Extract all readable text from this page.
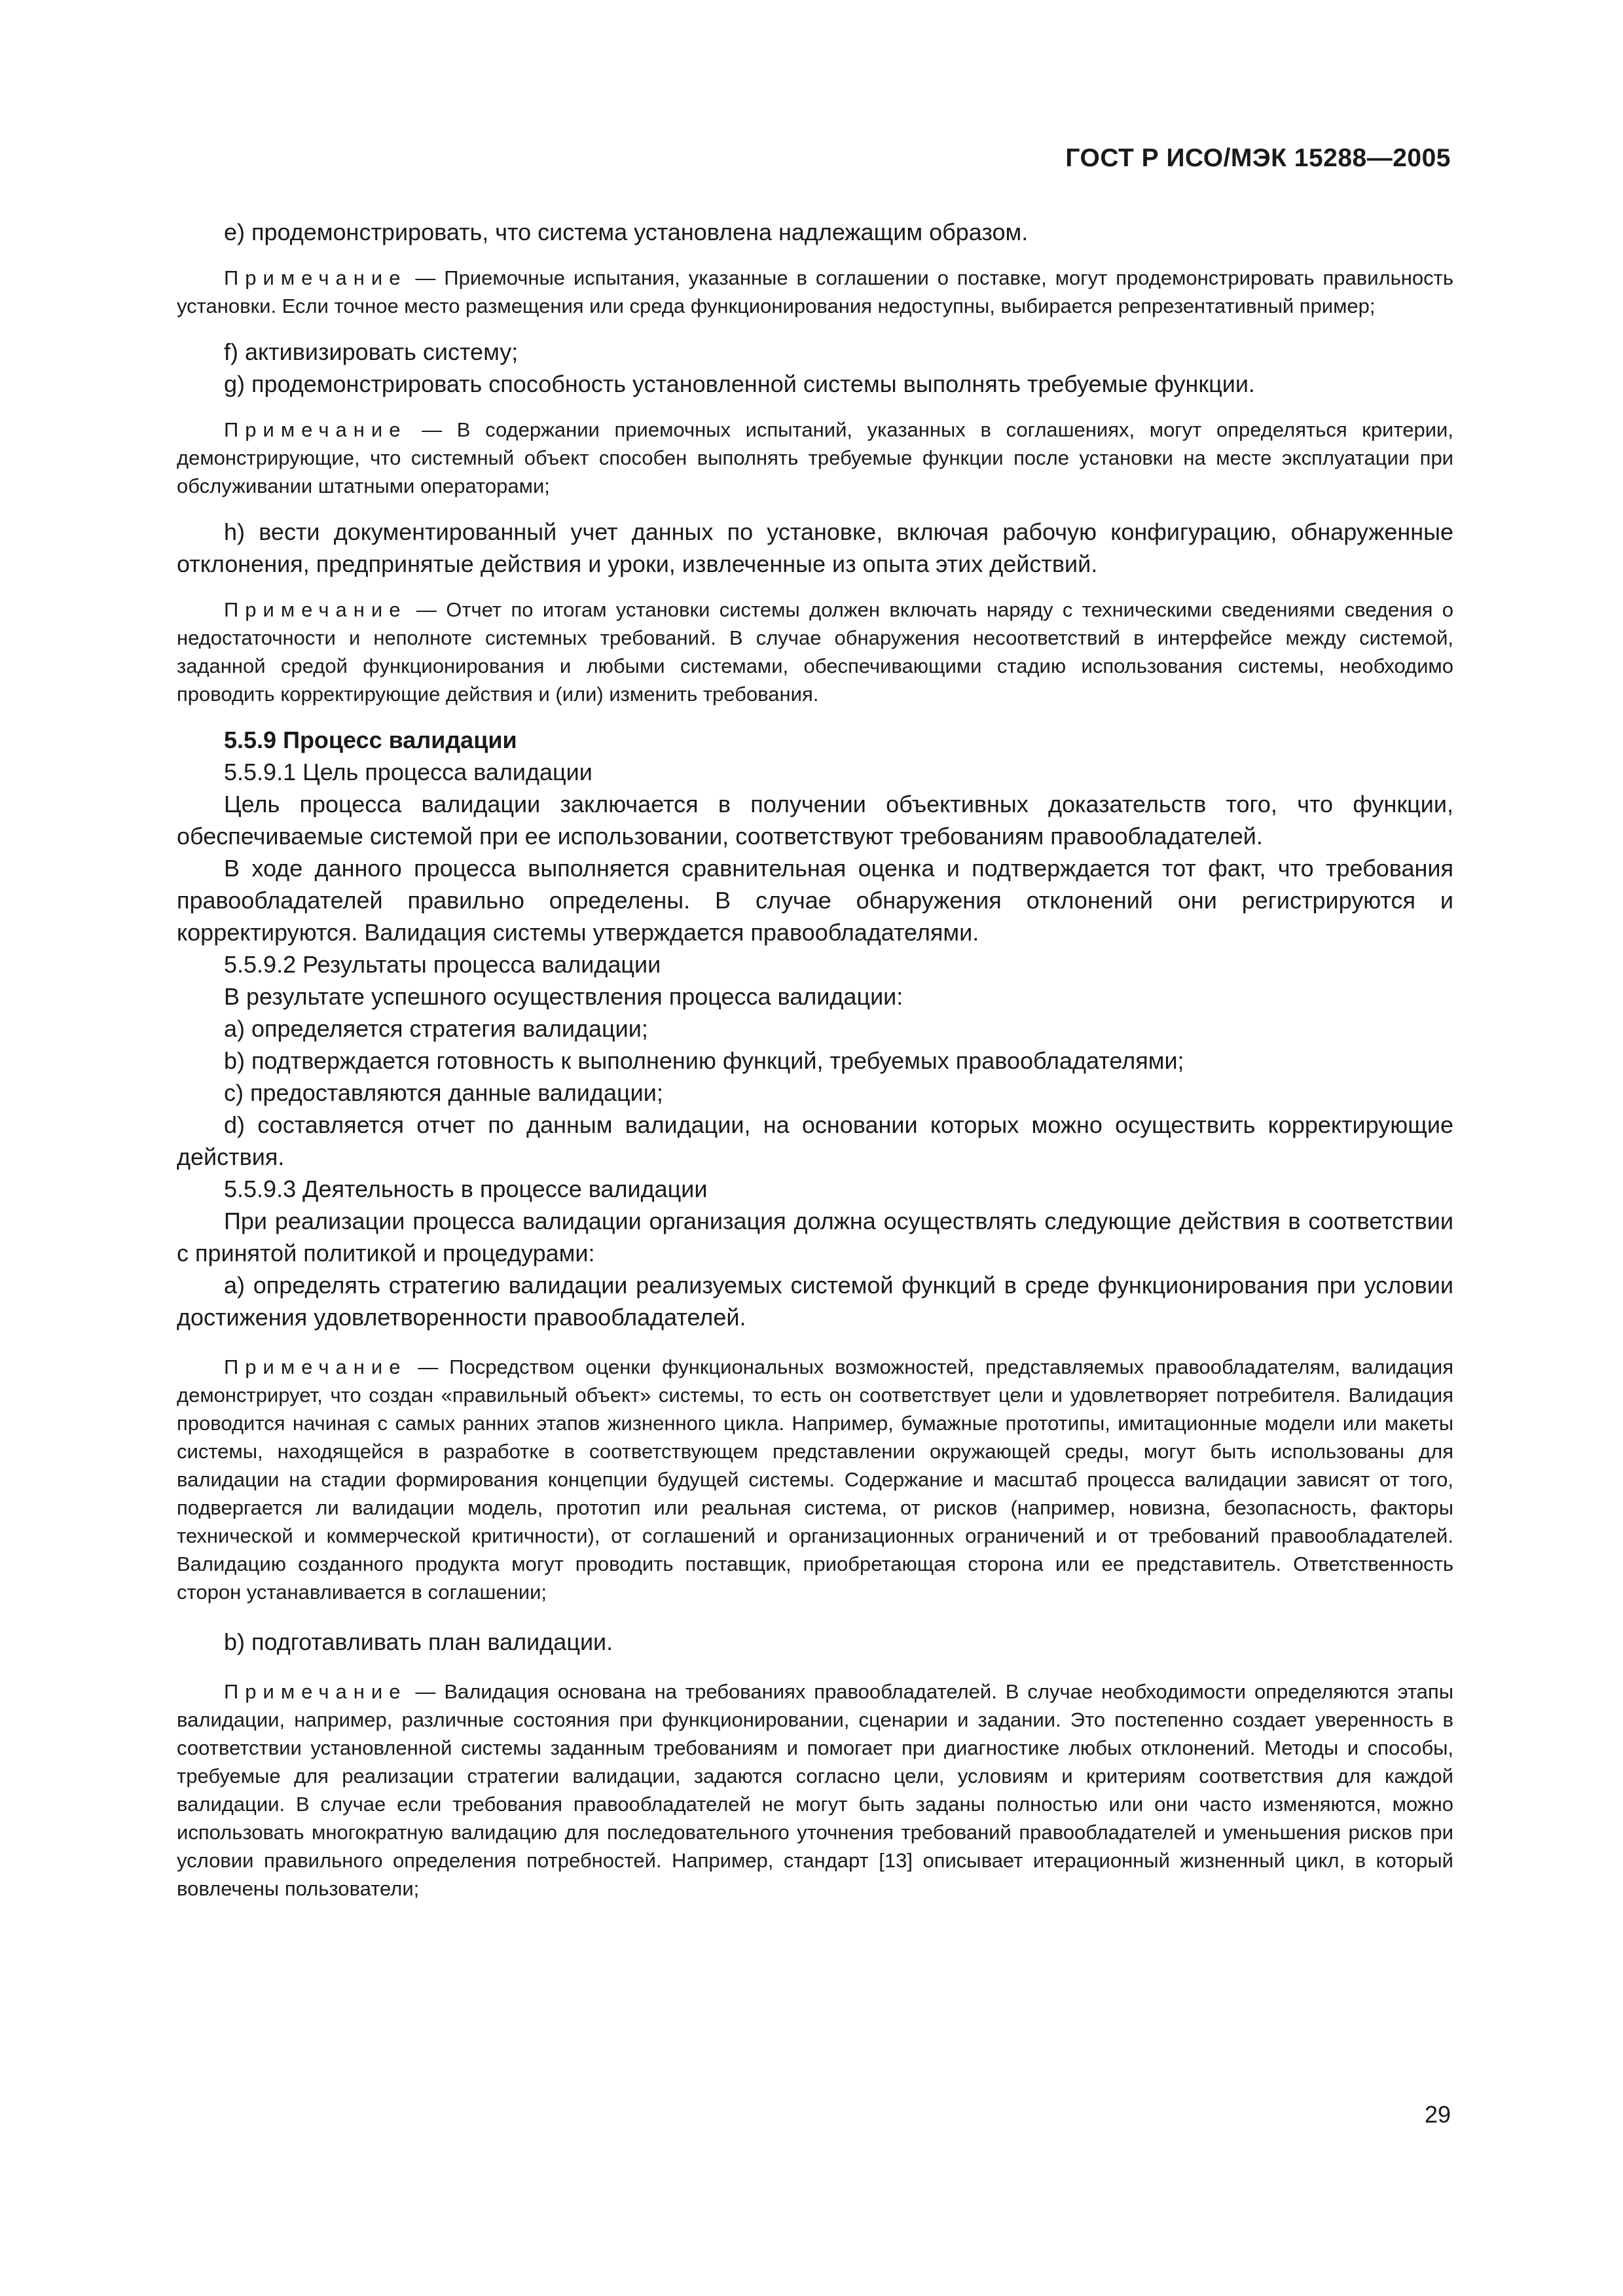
ГОСТ Р ИСО/МЭК 15288—2005

е) продемонстрировать, что система установлена надлежащим образом.

Примечание — Приемочные испытания, указанные в соглашении о поставке, могут продемонстрировать правильность установки. Если точное место размещения или среда функционирования недоступны, выбирается репрезентативный пример;

f) активизировать систему;

g) продемонстрировать способность установленной системы выполнять требуемые функции.

Примечание — В содержании приемочных испытаний, указанных в соглашениях, могут определяться критерии, демонстрирующие, что системный объект способен выполнять требуемые функции после установки на месте эксплуатации при обслуживании штатными операторами;

h) вести документированный учет данных по установке, включая рабочую конфигурацию, обнаруженные отклонения, предпринятые действия и уроки, извлеченные из опыта этих действий.

Примечание — Отчет по итогам установки системы должен включать наряду с техническими сведениями сведения о недостаточности и неполноте системных требований. В случае обнаружения несоответствий в интерфейсе между системой, заданной средой функционирования и любыми системами, обеспечивающими стадию использования системы, необходимо проводить корректирующие действия и (или) изменить требования.

5.5.9 Процесс валидации

5.5.9.1 Цель процесса валидации

Цель процесса валидации заключается в получении объективных доказательств того, что функции, обеспечиваемые системой при ее использовании, соответствуют требованиям правообладателей.

В ходе данного процесса выполняется сравнительная оценка и подтверждается тот факт, что требования правообладателей правильно определены. В случае обнаружения отклонений они регистрируются и корректируются. Валидация системы утверждается правообладателями.

5.5.9.2 Результаты процесса валидации

В результате успешного осуществления процесса валидации:

а) определяется стратегия валидации;

b) подтверждается готовность к выполнению функций, требуемых правообладателями;

с) предоставляются данные валидации;

d) составляется отчет по данным валидации, на основании которых можно осуществить корректирующие действия.

5.5.9.3 Деятельность в процессе валидации

При реализации процесса валидации организация должна осуществлять следующие действия в соответствии с принятой политикой и процедурами:

а) определять стратегию валидации реализуемых системой функций в среде функционирования при условии достижения удовлетворенности правообладателей.

Примечание — Посредством оценки функциональных возможностей, представляемых правообладателям, валидация демонстрирует, что создан «правильный объект» системы, то есть он соответствует цели и удовлетворяет потребителя. Валидация проводится начиная с самых ранних этапов жизненного цикла. Например, бумажные прототипы, имитационные модели или макеты системы, находящейся в разработке в соответствующем представлении окружающей среды, могут быть использованы для валидации на стадии формирования концепции будущей системы. Содержание и масштаб процесса валидации зависят от того, подвергается ли валидации модель, прототип или реальная система, от рисков (например, новизна, безопасность, факторы технической и коммерческой критичности), от соглашений и организационных ограничений и от требований правообладателей. Валидацию созданного продукта могут проводить поставщик, приобретающая сторона или ее представитель. Ответственность сторон устанавливается в соглашении;

b) подготавливать план валидации.

Примечание — Валидация основана на требованиях правообладателей. В случае необходимости определяются этапы валидации, например, различные состояния при функционировании, сценарии и задании. Это постепенно создает уверенность в соответствии установленной системы заданным требованиям и помогает при диагностике любых отклонений. Методы и способы, требуемые для реализации стратегии валидации, задаются согласно цели, условиям и критериям соответствия для каждой валидации. В случае если требования правообладателей не могут быть заданы полностью или они часто изменяются, можно использовать многократную валидацию для последовательного уточнения требований правообладателей и уменьшения рисков при условии правильного определения потребностей. Например, стандарт [13] описывает итерационный жизненный цикл, в который вовлечены пользователи;

29
